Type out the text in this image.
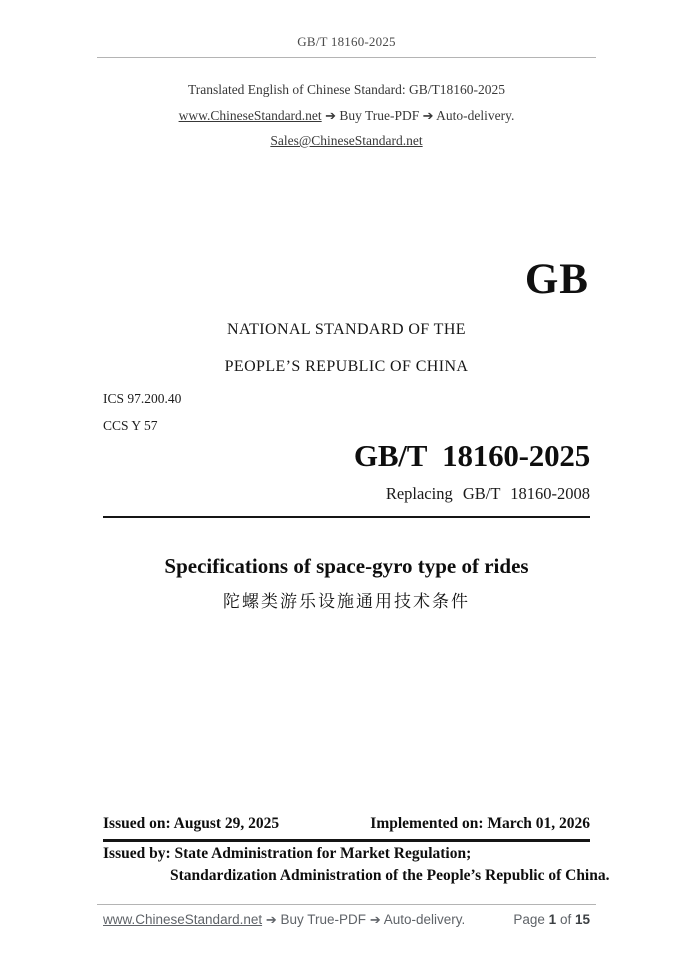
GB/T 18160-2025
Translated English of Chinese Standard: GB/T18160-2025
www.ChineseStandard.net ➔ Buy True-PDF ➔ Auto-delivery.
Sales@ChineseStandard.net
GB
NATIONAL STANDARD OF THE
PEOPLE’S REPUBLIC OF CHINA
ICS 97.200.40
CCS Y 57
GB/T 18160-2025
Replacing GB/T 18160-2008
Specifications of space-gyro type of rides
陀螺类游乐设施通用技术条件
Issued on: August 29, 2025	Implemented on: March 01, 2026
Issued by: State Administration for Market Regulation;
Standardization Administration of the People’s Republic of China.
www.ChineseStandard.net ➔ Buy True-PDF ➔ Auto-delivery.	Page 1 of 15
